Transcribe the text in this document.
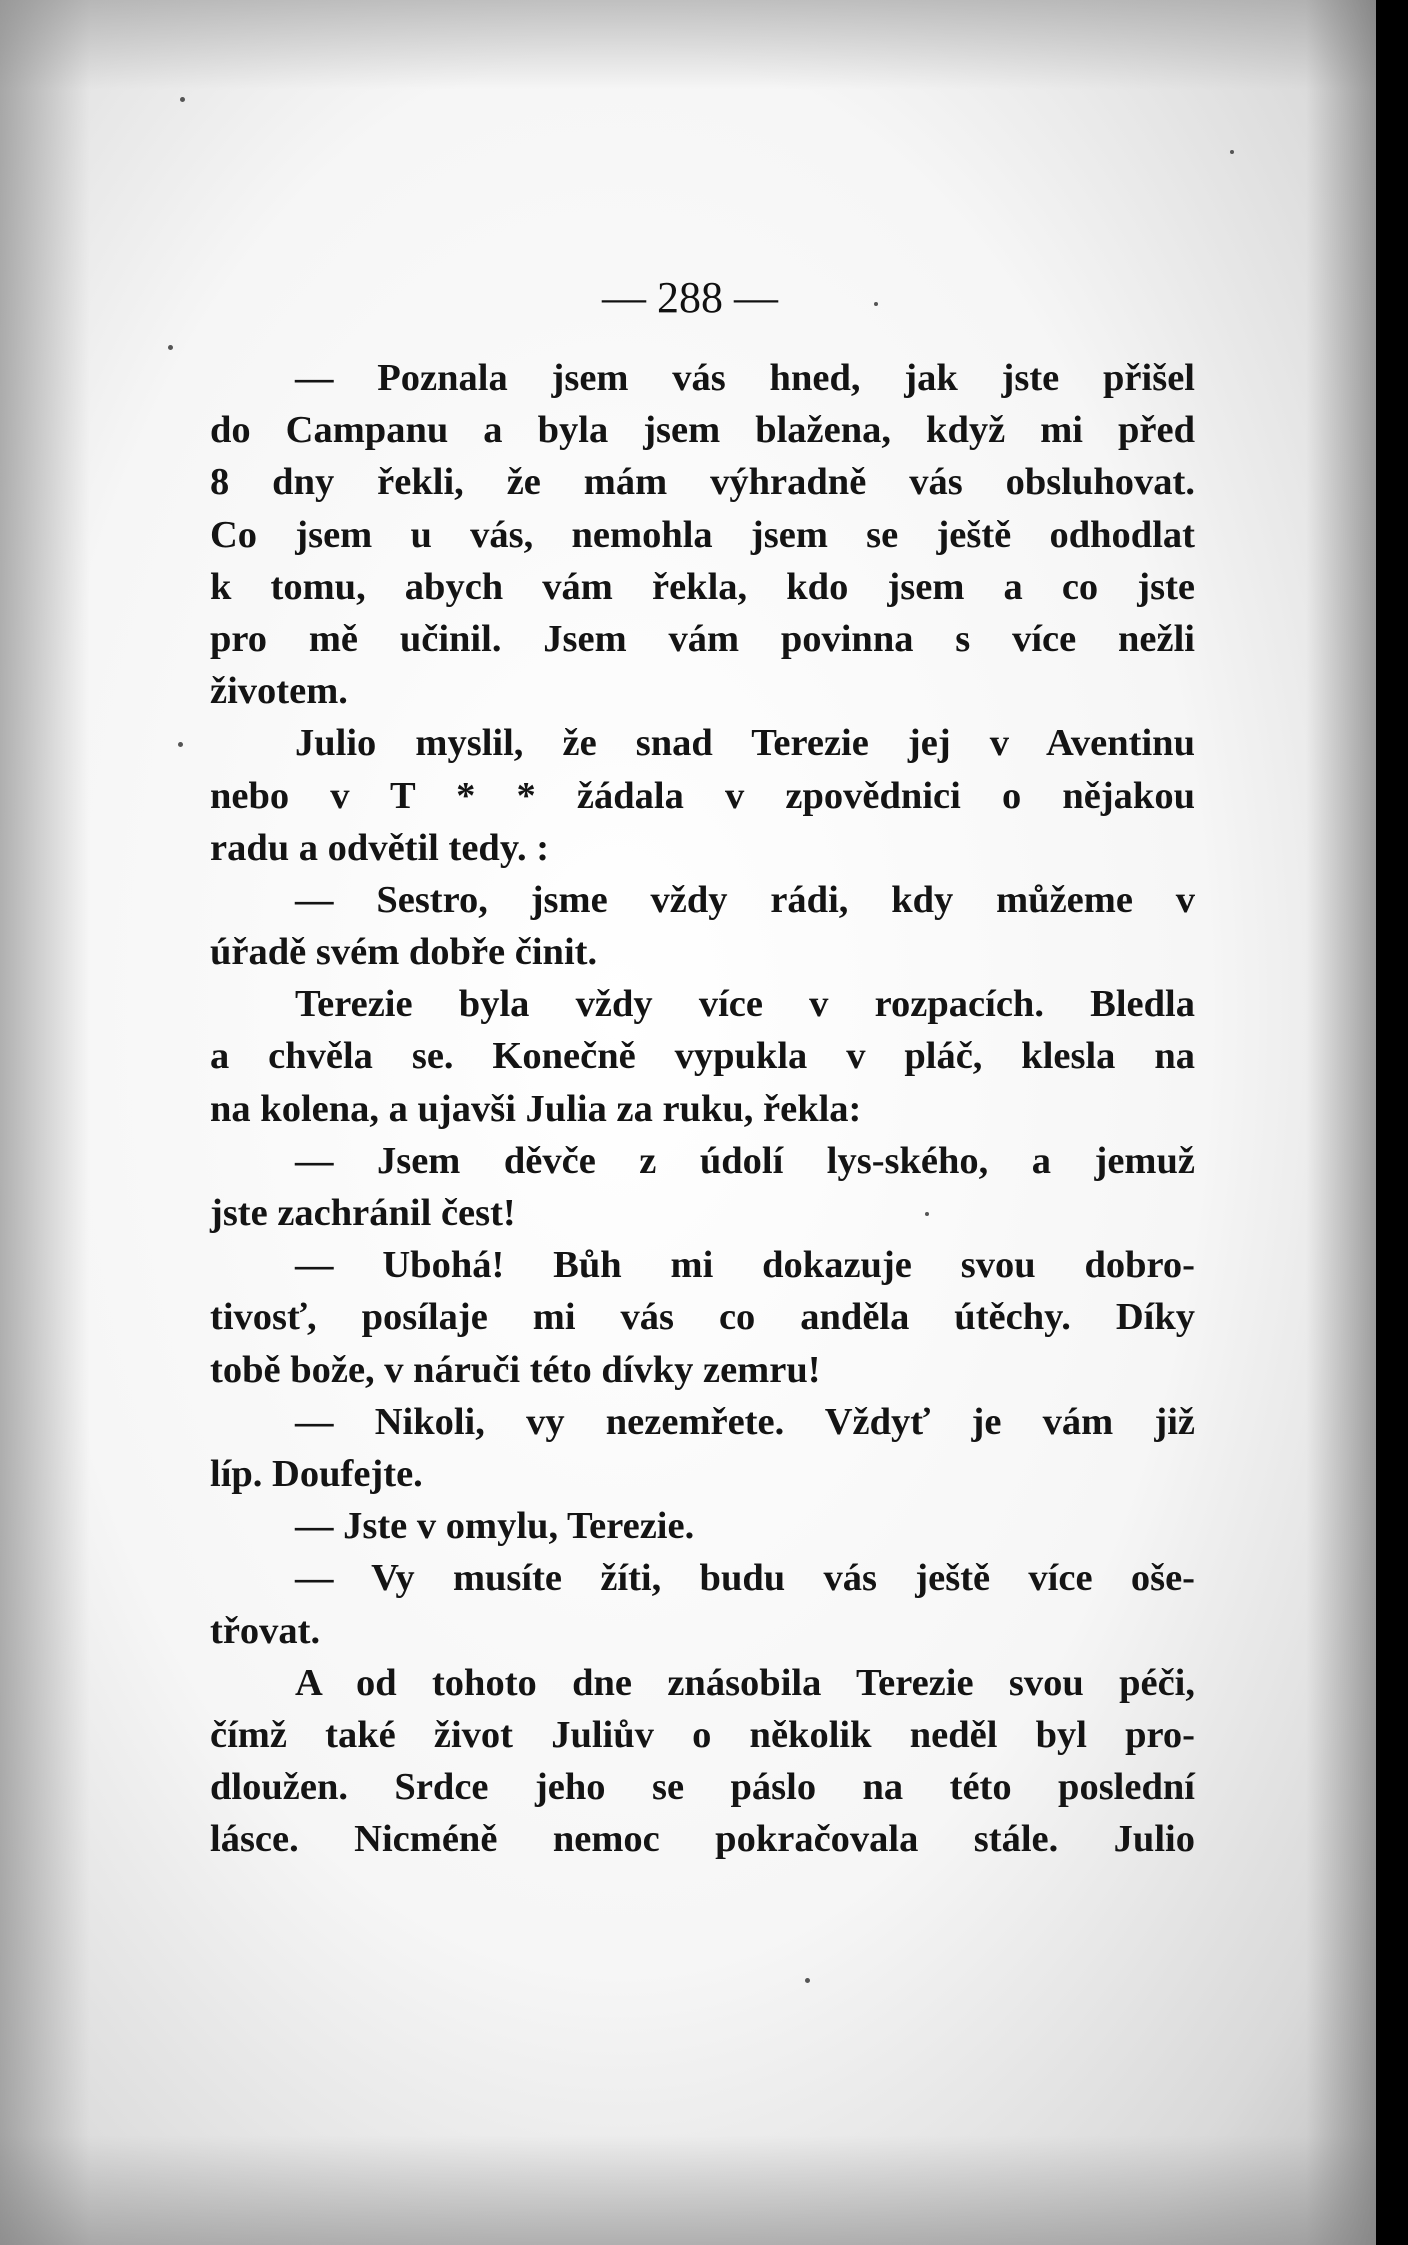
— 288 —
— Poznala jsem vás hned, jak jste přišel
do Campanu a byla jsem blažena, když mi před
8 dny řekli, že mám výhradně vás obsluhovat.
Co jsem u vás, nemohla jsem se ještě odhodlat
k tomu, abych vám řekla, kdo jsem a co jste
pro mě učinil. Jsem vám povinna s více nežli
životem.
Julio myslil, že snad Terezie jej v Aventinu
nebo v T * * žádala v zpovědnici o nějakou
radu a odvětil tedy. :
— Sestro, jsme vždy rádi, kdy můžeme v
úřadě svém dobře činit.
Terezie byla vždy více v rozpacích. Bledla
a chvěla se. Konečně vypukla v pláč, klesla na
na kolena, a ujavši Julia za ruku, řekla:
— Jsem děvče z údolí lys-ského, a jemuž
jste zachránil čest!
— Ubohá! Bůh mi dokazuje svou dobro-
tivosť, posílaje mi vás co anděla útěchy. Díky
tobě bože, v náruči této dívky zemru!
— Nikoli, vy nezemřete. Vždyť je vám již
líp. Doufejte.
— Jste v omylu, Terezie.
— Vy musíte žíti, budu vás ještě více oše-
třovat.
A od tohoto dne znásobila Terezie svou péči,
čímž také život Juliův o několik neděl byl pro-
dloužen. Srdce jeho se páslo na této poslední
lásce. Nicméně nemoc pokračovala stále. Julio
